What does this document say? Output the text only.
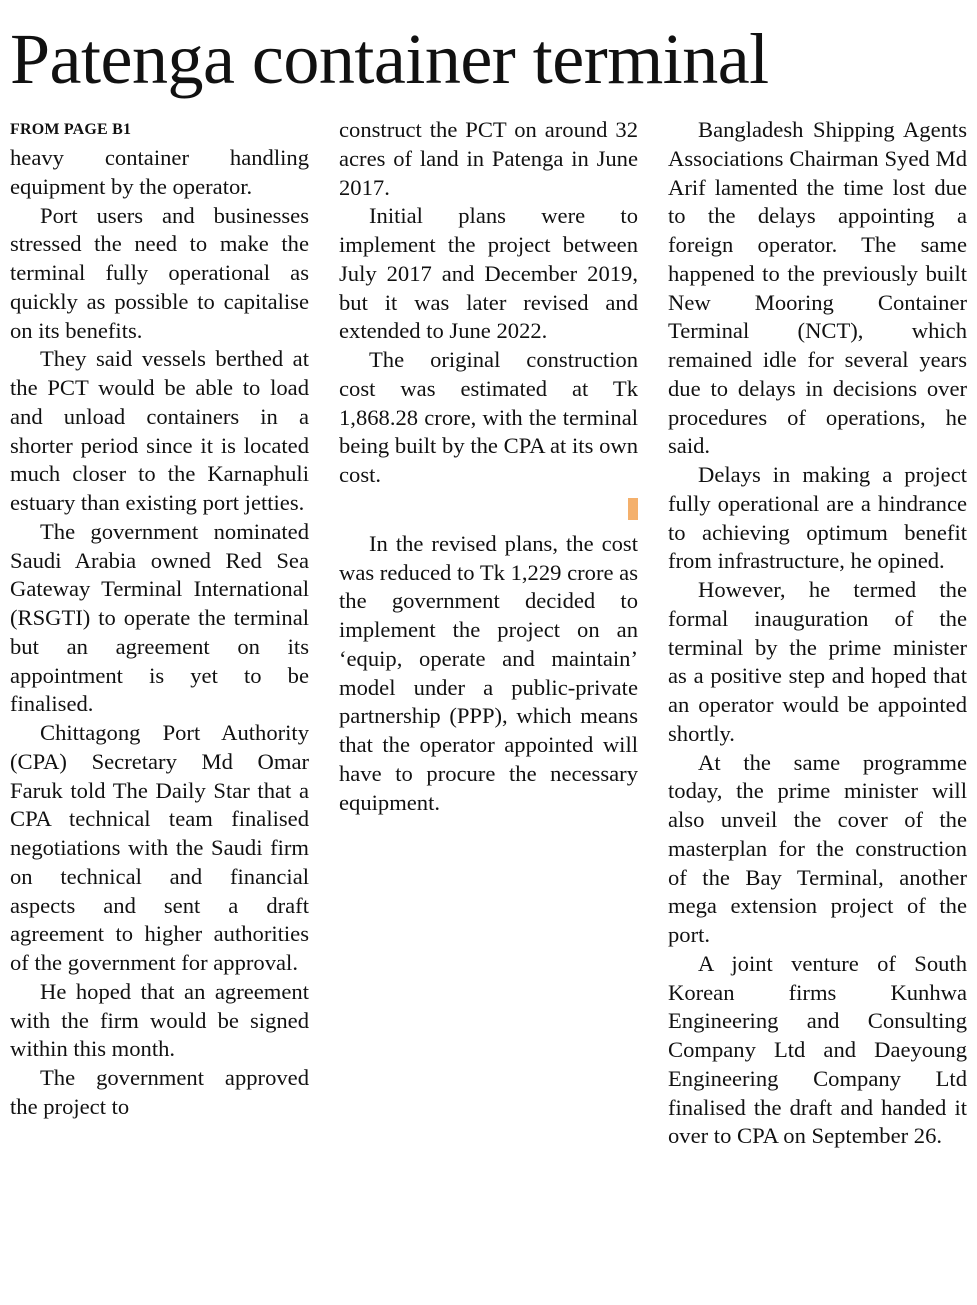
Patenga container terminal
FROM PAGE B1

heavy container handling equipment by the operator.

Port users and businesses stressed the need to make the terminal fully operational as quickly as possible to capitalise on its benefits.

They said vessels berthed at the PCT would be able to load and unload containers in a shorter period since it is located much closer to the Karnaphuli estuary than existing port jetties.

The government nominated Saudi Arabia owned Red Sea Gateway Terminal International (RSGTI) to operate the terminal but an agreement on its appointment is yet to be finalised.

Chittagong Port Authority (CPA) Secretary Md Omar Faruk told The Daily Star that a CPA technical team finalised negotiations with the Saudi firm on technical and financial aspects and sent a draft agreement to higher authorities of the government for approval.

He hoped that an agreement with the firm would be signed within this month.

The government approved the project to

construct the PCT on around 32 acres of land in Patenga in June 2017.

Initial plans were to implement the project between July 2017 and December 2019, but it was later revised and extended to June 2022.

The original construction cost was estimated at Tk 1,868.28 crore, with the terminal being built by the CPA at its own cost.

In the revised plans, the cost was reduced to Tk 1,229 crore as the government decided to implement the project on an ‘equip, operate and maintain’ model under a public-private partnership (PPP), which means that the operator appointed will have to procure the necessary equipment.

Bangladesh Shipping Agents Associations Chairman Syed Md Arif lamented the time lost due to the delays appointing a foreign operator. The same happened to the previously built New Mooring Container Terminal (NCT), which remained idle for several years due to delays in decisions over procedures of operations, he said.

Delays in making a project fully operational are a hindrance to achieving optimum benefit from infrastructure, he opined.

However, he termed the formal inauguration of the terminal by the prime minister as a positive step and hoped that an operator would be appointed shortly.

At the same programme today, the prime minister will also unveil the cover of the masterplan for the construction of the Bay Terminal, another mega extension project of the port.

A joint venture of South Korean firms Kunhwa Engineering and Consulting Company Ltd and Daeyoung Engineering Company Ltd finalised the draft and handed it over to CPA on September 26.
